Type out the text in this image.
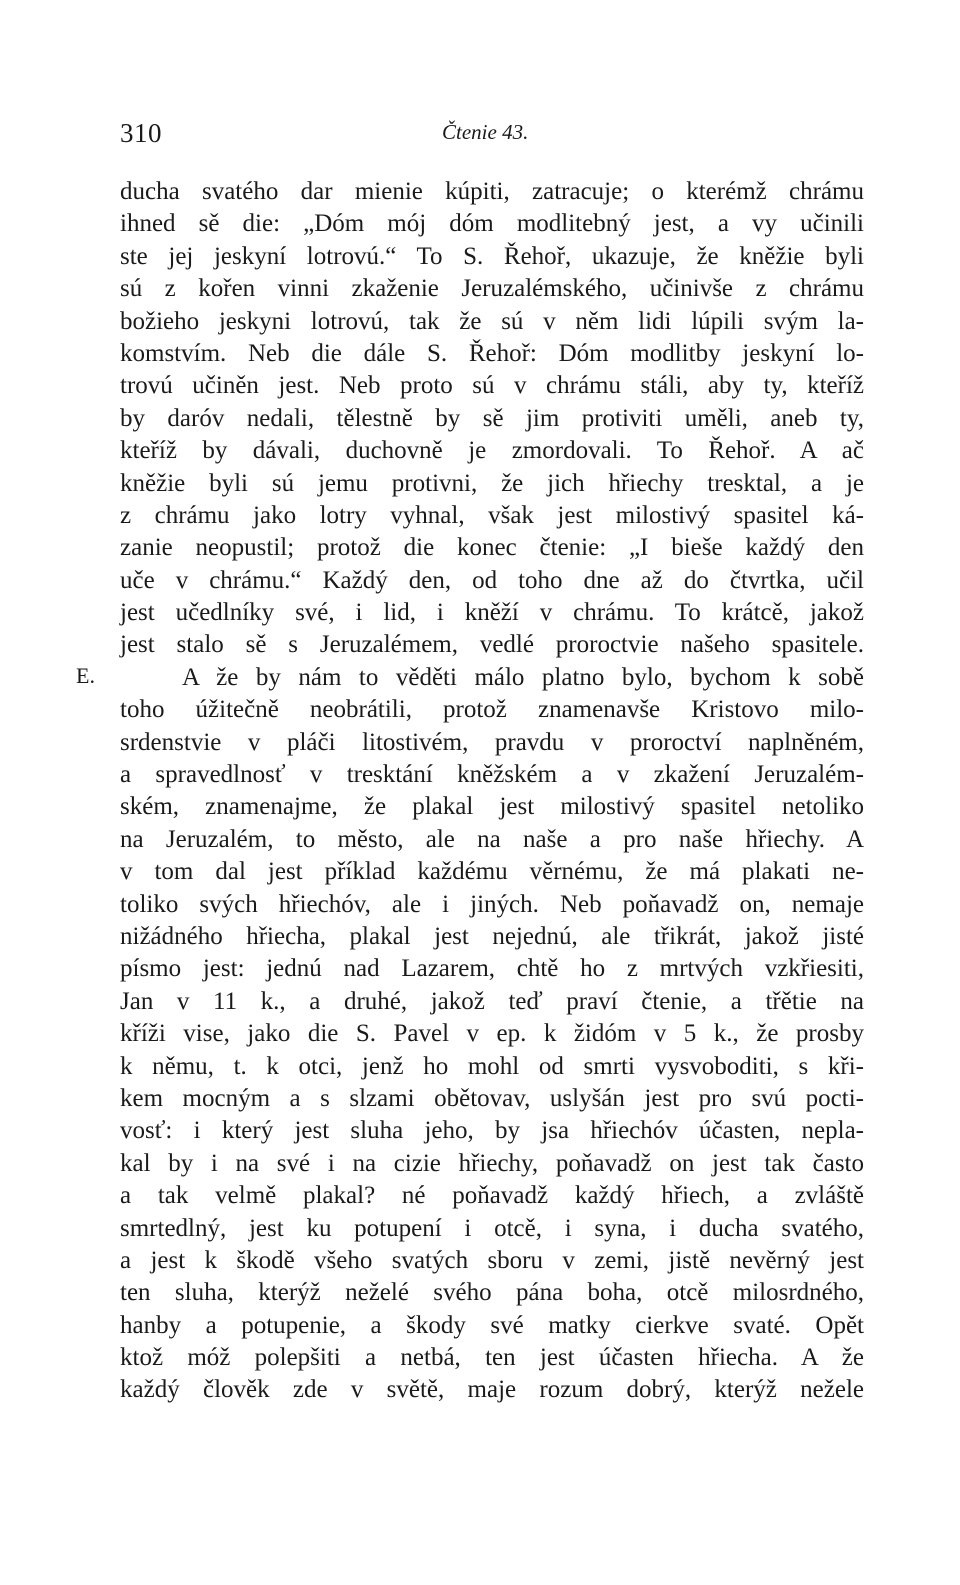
310	Čtenie 43.
E.
ducha svatého dar mienie kúpiti, zatracuje; o kterémž chrámu
ihned sě die: „Dóm mój dóm modlitebný jest, a vy učinili
ste jej jeskyní lotrovú.“ To S. Řehoř, ukazuje, že kněžie byli
sú z kořen vinni zkaženie Jeruzalémského, učinivše z chrámu
božieho jeskyni lotrovú, tak že sú v něm lidi lúpili svým la-
komstvím. Neb die dále S. Řehoř: Dóm modlitby jeskyní lo-
trovú učiněn jest. Neb proto sú v chrámu stáli, aby ty, kteříž
by daróv nedali, tělestně by sě jim protiviti uměli, aneb ty,
kteříž by dávali, duchovně je zmordovali. To Řehoř. A ač
kněžie byli sú jemu protivni, že jich hřiechy tresktal, a je
z chrámu jako lotry vyhnal, však jest milostivý spasitel ká-
zanie neopustil; protož die konec čtenie: „I bieše každý den
uče v chrámu.“ Každý den, od toho dne až do čtvrtka, učil
jest učedlníky své, i lid, i kněží v chrámu. To krátcě, jakož
jest stalo sě s Jeruzalémem, vedlé proroctvie našeho spasitele.
A že by nám to věděti málo platno bylo, bychom k sobě
toho úžitečně neobrátili, protož znamenavše Kristovo milo-
srdenstvie v pláči litostivém, pravdu v proroctví naplněném,
a spravedlnosť v tresktání kněžském a v zkažení Jeruzalém-
ském, znamenajme, že plakal jest milostivý spasitel netoliko
na Jeruzalém, to město, ale na naše a pro naše hřiechy. A
v tom dal jest příklad každému věrnému, že má plakati ne-
toliko svých hřiechóv, ale i jiných. Neb poňavadž on, nemaje
nižádného hřiecha, plakal jest nejednú, ale třikrát, jakož jisté
písmo jest: jednú nad Lazarem, chtě ho z mrtvých vzkřiesiti,
Jan v 11 k., a druhé, jakož teď praví čtenie, a třětie na
kříži vise, jako die S. Pavel v ep. k židóm v 5 k., že prosby
k němu, t. k otci, jenž ho mohl od smrti vysvoboditi, s kři-
kem mocným a s slzami obětovav, uslyšán jest pro svú pocti-
vosť: i který jest sluha jeho, by jsa hřiechóv účasten, nepla-
kal by i na své i na cizie hřiechy, poňavadž on jest tak často
a tak velmě plakal? né poňavadž každý hřiech, a zvláště
smrtedlný, jest ku potupení i otcě, i syna, i ducha svatého,
a jest k škodě všeho svatých sboru v zemi, jistě nevěrný jest
ten sluha, kterýž neželé svého pána boha, otcě milosrdného,
hanby a potupenie, a škody své matky cierkve svaté. Opět
ktož móž polepšiti a netbá, ten jest účasten hřiecha. A že
každý člověk zde v světě, maje rozum dobrý, kterýž nežele
